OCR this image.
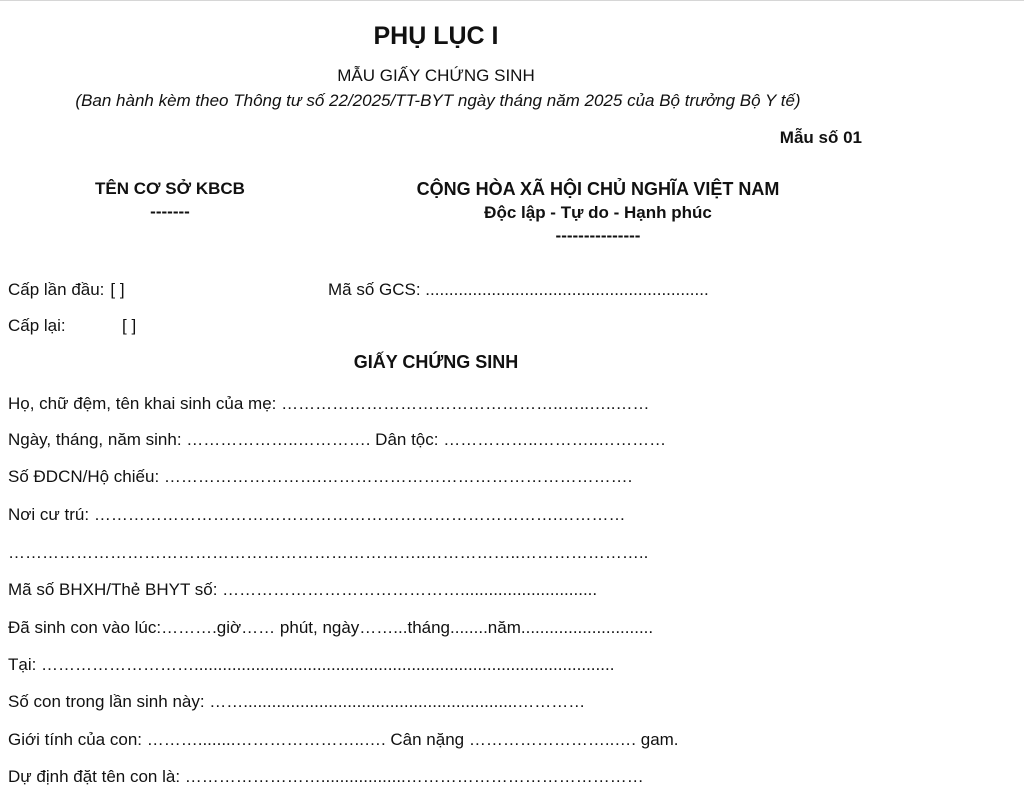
PHỤ LỤC I
MẪU GIẤY CHỨNG SINH
(Ban hành kèm theo Thông tư số 22/2025/TT-BYT ngày tháng năm 2025 của Bộ trưởng Bộ Y tế)
Mẫu số 01
TÊN CƠ SỞ KBCB
-------
CỘNG HÒA XÃ HỘI CHỦ NGHĨA VIỆT NAM
Độc lập - Tự do - Hạnh phúc
---------------
Cấp lần đầu: [ ]
Cấp lại:	[ ]
Mã số GCS: ............................................................
GIẤY CHỨNG SINH
Họ, chữ đệm, tên khai sinh của mẹ: …………………………………………..…..…..……
Ngày, tháng, năm sinh: ………………..…………. Dân tộc: ……………..………..…………
Số ĐDCN/Hộ chiếu: ……………………….……………………………………………….
Nơi cư trú: ……………………………………………………………………….…………
………………………………………………………………..……………..…………………..
Mã số BHXH/Thẻ BHYT số: …………………………………….............................
Đã sinh con vào lúc:……….giờ…… phút, ngày……...tháng........năm............................
Tại: ……………………….........................................................................................
Số con trong lần sinh này: ……..........................................................…………
Giới tính của con: ………........…………………..…. Cân nặng ……………………..…. gam.
Dự định đặt tên con là: ……………………..................……………………………………
